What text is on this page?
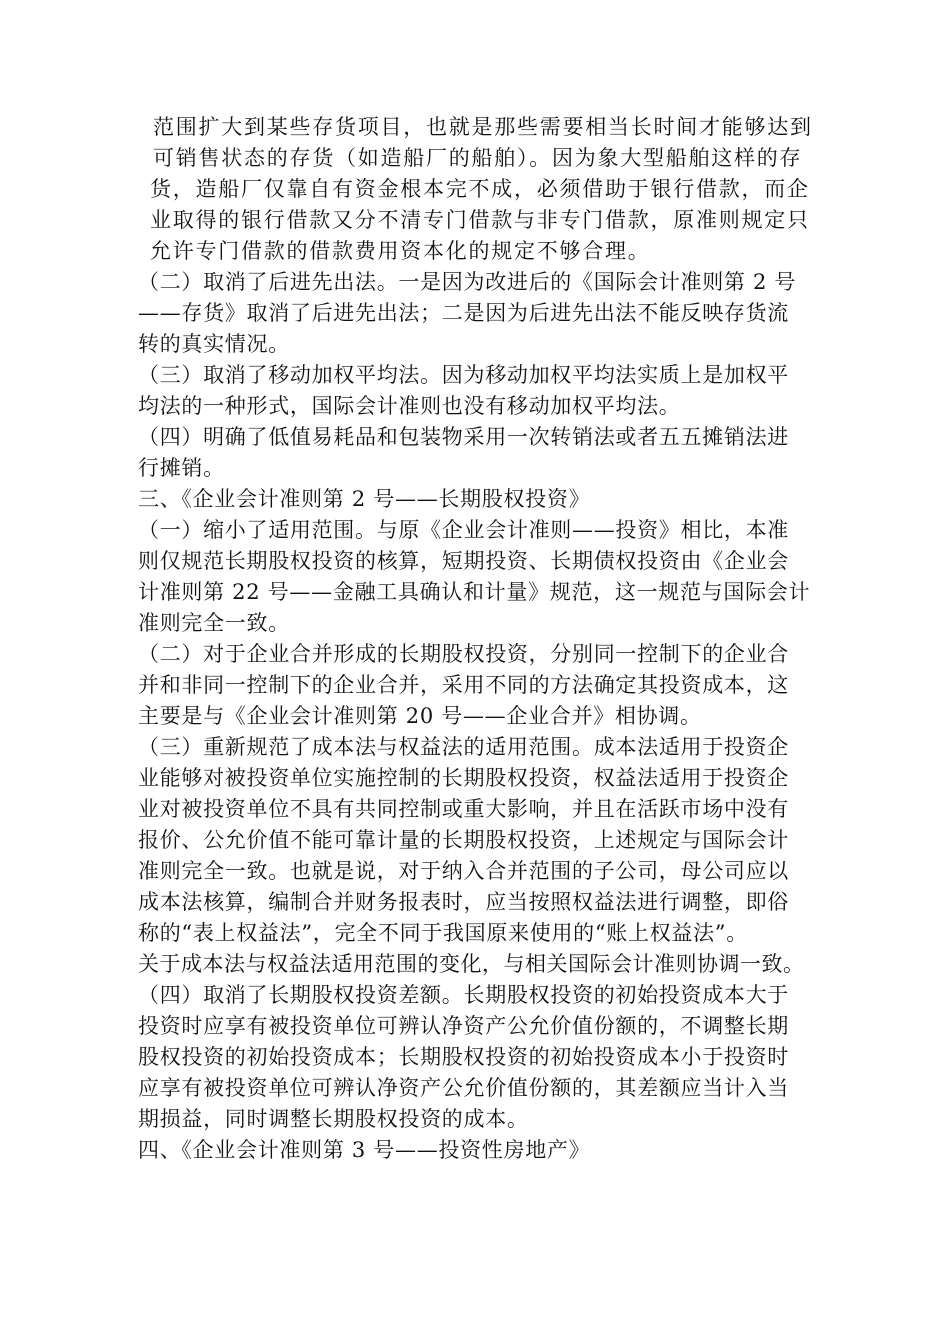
范围扩大到某些存货项目，也就是那些需要相当长时间才能够达到
可销售状态的存货（如造船厂的船舶）。因为象大型船舶这样的存
货，造船厂仅靠自有资金根本完不成，必须借助于银行借款，而企
业取得的银行借款又分不清专门借款与非专门借款，原准则规定只
允许专门借款的借款费用资本化的规定不够合理。
（二）取消了后进先出法。一是因为改进后的《国际会计准则第 2 号
——存货》取消了后进先出法；二是因为后进先出法不能反映存货流
转的真实情况。
（三）取消了移动加权平均法。因为移动加权平均法实质上是加权平
均法的一种形式，国际会计准则也没有移动加权平均法。
（四）明确了低值易耗品和包装物采用一次转销法或者五五摊销法进
行摊销。
三、《企业会计准则第 2 号——长期股权投资》
（一）缩小了适用范围。与原《企业会计准则——投资》相比，本准
则仅规范长期股权投资的核算，短期投资、长期债权投资由《企业会
计准则第 22 号——金融工具确认和计量》规范，这一规范与国际会计
准则完全一致。
（二）对于企业合并形成的长期股权投资，分别同一控制下的企业合
并和非同一控制下的企业合并，采用不同的方法确定其投资成本，这
主要是与《企业会计准则第 20 号——企业合并》相协调。
（三）重新规范了成本法与权益法的适用范围。成本法适用于投资企
业能够对被投资单位实施控制的长期股权投资，权益法适用于投资企
业对被投资单位不具有共同控制或重大影响，并且在活跃市场中没有
报价、公允价值不能可靠计量的长期股权投资，上述规定与国际会计
准则完全一致。也就是说，对于纳入合并范围的子公司，母公司应以
成本法核算，编制合并财务报表时，应当按照权益法进行调整，即俗
称的“表上权益法”，完全不同于我国原来使用的“账上权益法”。
关于成本法与权益法适用范围的变化，与相关国际会计准则协调一致。
（四）取消了长期股权投资差额。长期股权投资的初始投资成本大于
投资时应享有被投资单位可辨认净资产公允价值份额的，不调整长期
股权投资的初始投资成本；长期股权投资的初始投资成本小于投资时
应享有被投资单位可辨认净资产公允价值份额的，其差额应当计入当
期损益，同时调整长期股权投资的成本。
四、《企业会计准则第 3 号——投资性房地产》
